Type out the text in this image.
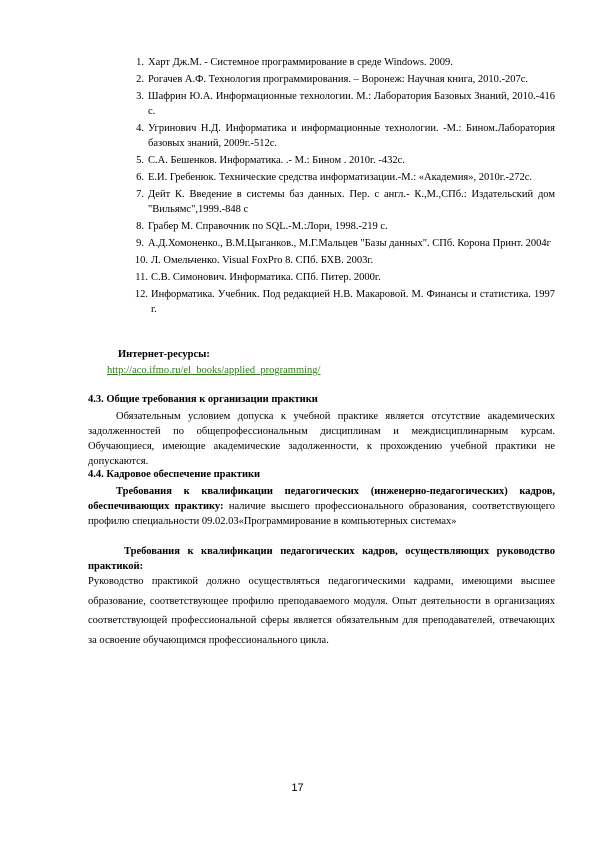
1. Харт Дж.М. - Системное программирование в среде Windows. 2009.
2. Рогачев А.Ф. Технология программирования. – Воронеж: Научная книга, 2010.-207с.
3. Шафрин Ю.А. Информационные технологии. М.: Лаборатория Базовых Знаний, 2010.-416 с.
4. Угринович Н.Д. Информатика и информационные технологии. -М.: Бином.Лаборатория базовых знаний, 2009г.-512с.
5. С.А. Бешенков. Информатика. .- М.: Бином . 2010г. -432с.
6. Е.И. Гребенюк. Технические средства информатизации.-М.: «Академия», 2010г.-272с.
7. Дейт К. Введение в системы баз данных. Пер. с англ.- К.,М.,СПб.: Издательский дом "Вильямс",1999.-848 с
8. Грабер М. Справочник по SQL.-М.:Лори, 1998.-219 с.
9. А.Д.Хомоненко., В.М.Цыганков., М.Г.Мальцев "Базы данных". СПб. Корона Принт. 2004г
10. Л. Омельченко. Visual FoxPro 8. СПб. БХВ. 2003г.
11. С.В. Симонович. Информатика. СПб. Питер. 2000г.
12. Информатика. Учебник. Под редакцией Н.В. Макаровой. М. Финансы и статистика. 1997 г.
Интернет-ресурсы:
http://aco.ifmo.ru/el_books/applied_programming/
4.3. Общие требования к организации практики
Обязательным условием допуска к учебной практике является отсутствие академических задолженностей по общепрофессиональным дисциплинам и междисциплинарным курсам. Обучающиеся, имеющие академические задолженности, к прохождению учебной практики не допускаются.
4.4. Кадровое обеспечение практики
Требования к квалификации педагогических (инженерно-педагогических) кадров, обеспечивающих практику: наличие высшего профессионального образования, соответствующего профилю специальности 09.02.03«Программирование в компьютерных системах»
Требования к квалификации педагогических кадров, осуществляющих руководство практикой:
Руководство практикой должно осуществляться педагогическими кадрами, имеющими высшее образование, соответствующее профилю преподаваемого модуля. Опыт деятельности в организациях соответствующей профессиональной сферы является обязательным для преподавателей, отвечающих за освоение обучающимся профессионального цикла.
17
